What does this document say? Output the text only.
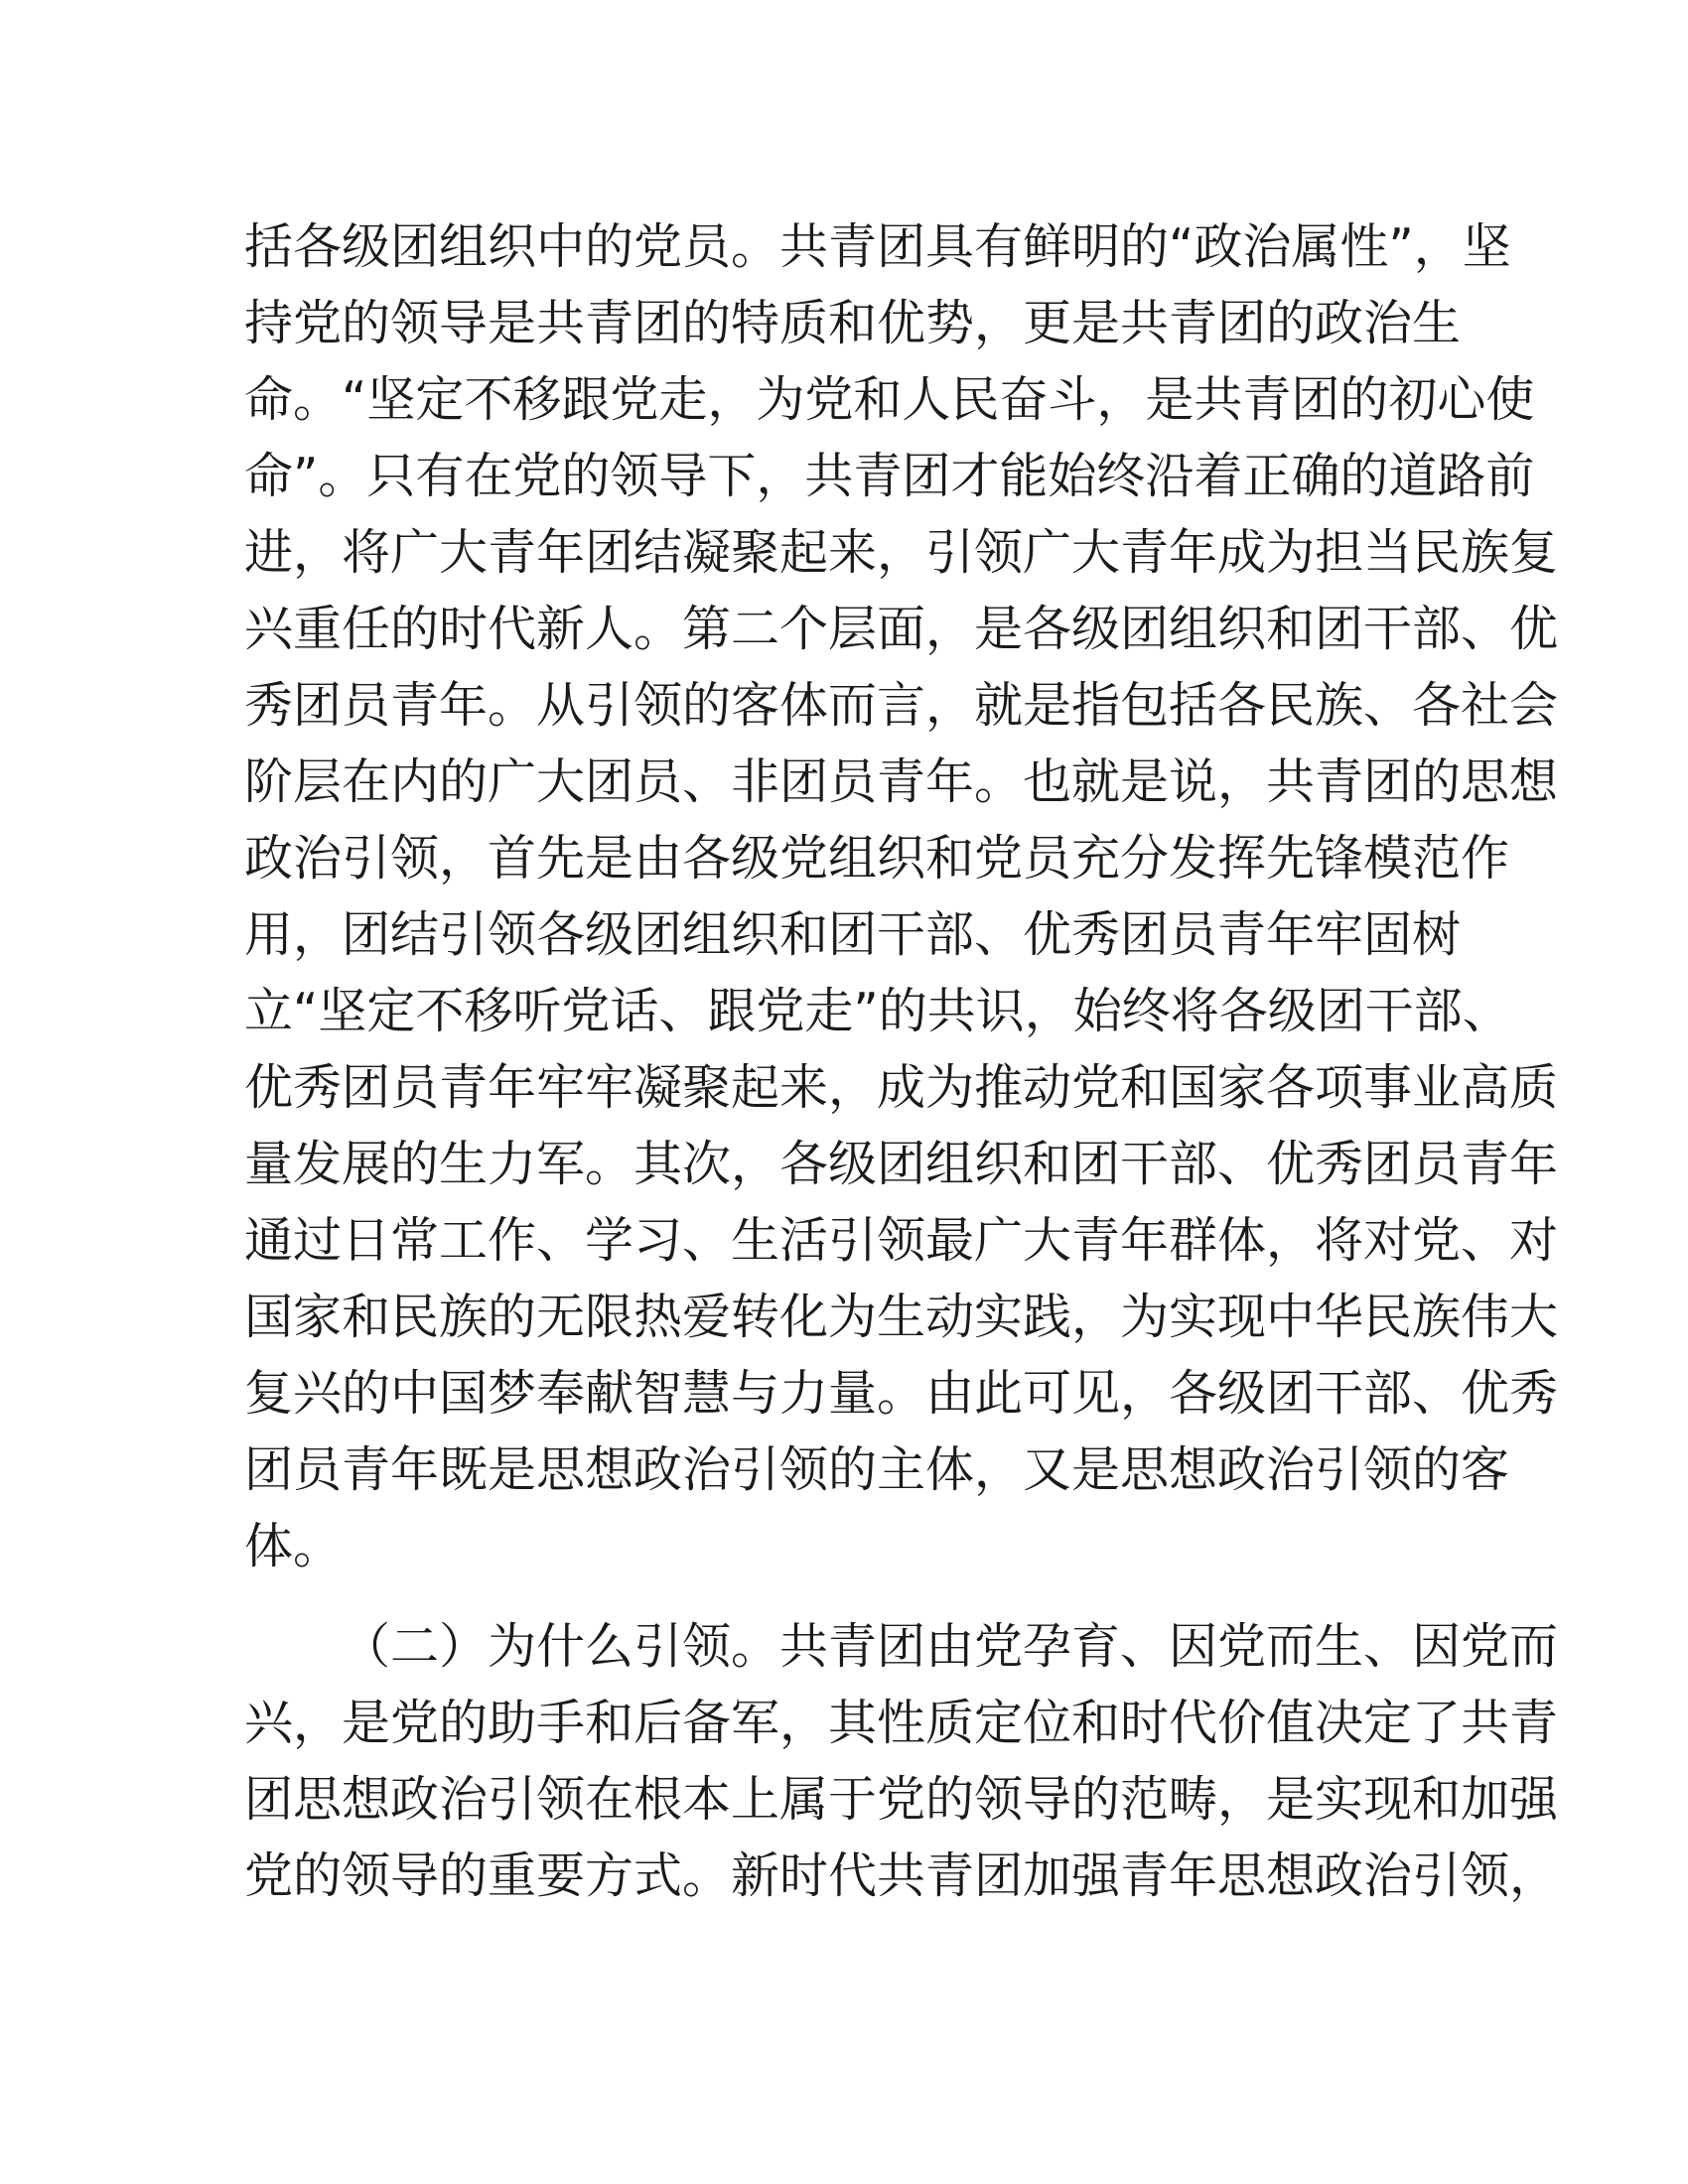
括各级团组织中的党员。共青团具有鲜明的“政治属性”，坚
持党的领导是共青团的特质和优势，更是共青团的政治生
命。“坚定不移跟党走，为党和人民奋斗，是共青团的初心使
命”。只有在党的领导下，共青团才能始终沿着正确的道路前
进，将广大青年团结凝聚起来，引领广大青年成为担当民族复
兴重任的时代新人。第二个层面，是各级团组织和团干部、优
秀团员青年。从引领的客体而言，就是指包括各民族、各社会
阶层在内的广大团员、非团员青年。也就是说，共青团的思想
政治引领，首先是由各级党组织和党员充分发挥先锋模范作
用，团结引领各级团组织和团干部、优秀团员青年牢固树
立“坚定不移听党话、跟党走”的共识，始终将各级团干部、
优秀团员青年牢牢凝聚起来，成为推动党和国家各项事业高质
量发展的生力军。其次，各级团组织和团干部、优秀团员青年
通过日常工作、学习、生活引领最广大青年群体，将对党、对
国家和民族的无限热爱转化为生动实践，为实现中华民族伟大
复兴的中国梦奉献智慧与力量。由此可见，各级团干部、优秀
团员青年既是思想政治引领的主体，又是思想政治引领的客
体。
（二）为什么引领。共青团由党孕育、因党而生、因党而
兴，是党的助手和后备军，其性质定位和时代价值决定了共青
团思想政治引领在根本上属于党的领导的范畴，是实现和加强
党的领导的重要方式。新时代共青团加强青年思想政治引领，
